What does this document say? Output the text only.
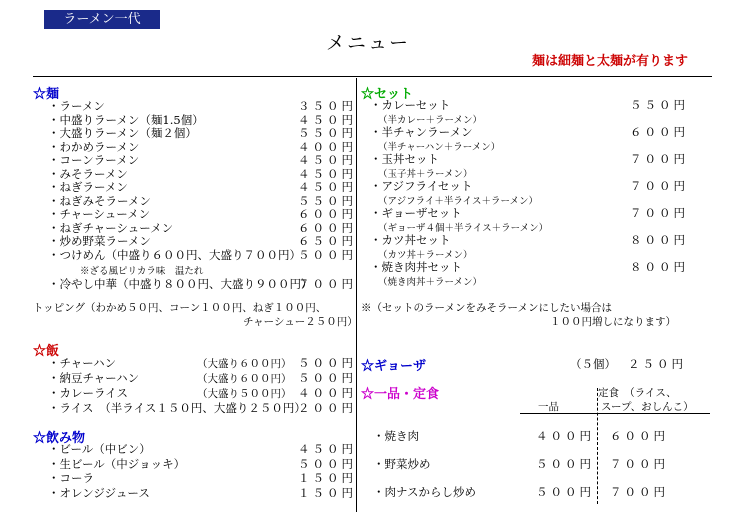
ラーメン一代
メニュー
麺は細麺と太麺が有ります
☆麺
※ざる風ピリカラ味　温たれ
・冷やし中華（中盛り８００円、大盛り９００円）
７００円
トッピング（わかめ５０円、コーン１００円、ねぎ１００円、
チャーシュー２５０円）
☆セット
※（セットのラーメンをみそラーメンにしたい場合は
１００円増しになります）
☆飯
☆飲み物
☆ギョーザ	（５個） ２５０円
☆一品・定食
一品
定食　（ライス、
スープ、おしんこ）
・ラーメン	３５０円
・中盛りラーメン（麺1.5個）	４５０円
・大盛りラーメン（麺２個）	５５０円
・わかめラーメン	４００円
・コーンラーメン	４５０円
・みそラーメン	４５０円
・ねぎラーメン	４５０円
・ねぎみそラーメン	５５０円
・チャーシューメン	６００円
・ねぎチャーシューメン	６００円
・炒め野菜ラーメン	６５０円
・つけめん（中盛り６００円、大盛り７００円）
５００円
・カレーセット
（半カレー＋ラーメン）
５５０円
・半チャンラーメン
（半チャーハン＋ラーメン）
６００円
・玉丼セット
（玉子丼＋ラーメン）
７００円
・アジフライセット
（アジフライ＋半ライス＋ラーメン）
７００円
・ギョーザセット
（ギョーザ４個＋半ライス＋ラーメン）
７００円
・カツ丼セット
（カツ丼＋ラーメン）
８００円
・焼き肉丼セット
（焼き肉丼＋ラーメン）
８００円
・チャーハン	（大盛り６００円） ５００円
・納豆チャーハン	（大盛り６００円） ５００円
・カレーライス	（大盛り５００円） ４００円
・ライス　（半ライス１５０円、大盛り２５０円）
２００円
・ビール（中ビン）	４５０円
・生ビール（中ジョッキ）	５００円
・コーラ	１５０円
・オレンジジュース	１５０円
・焼き肉	４００円 ６００円
・野菜炒め	５００円 ７００円
・肉ナスからし炒め	５００円 ７００円
